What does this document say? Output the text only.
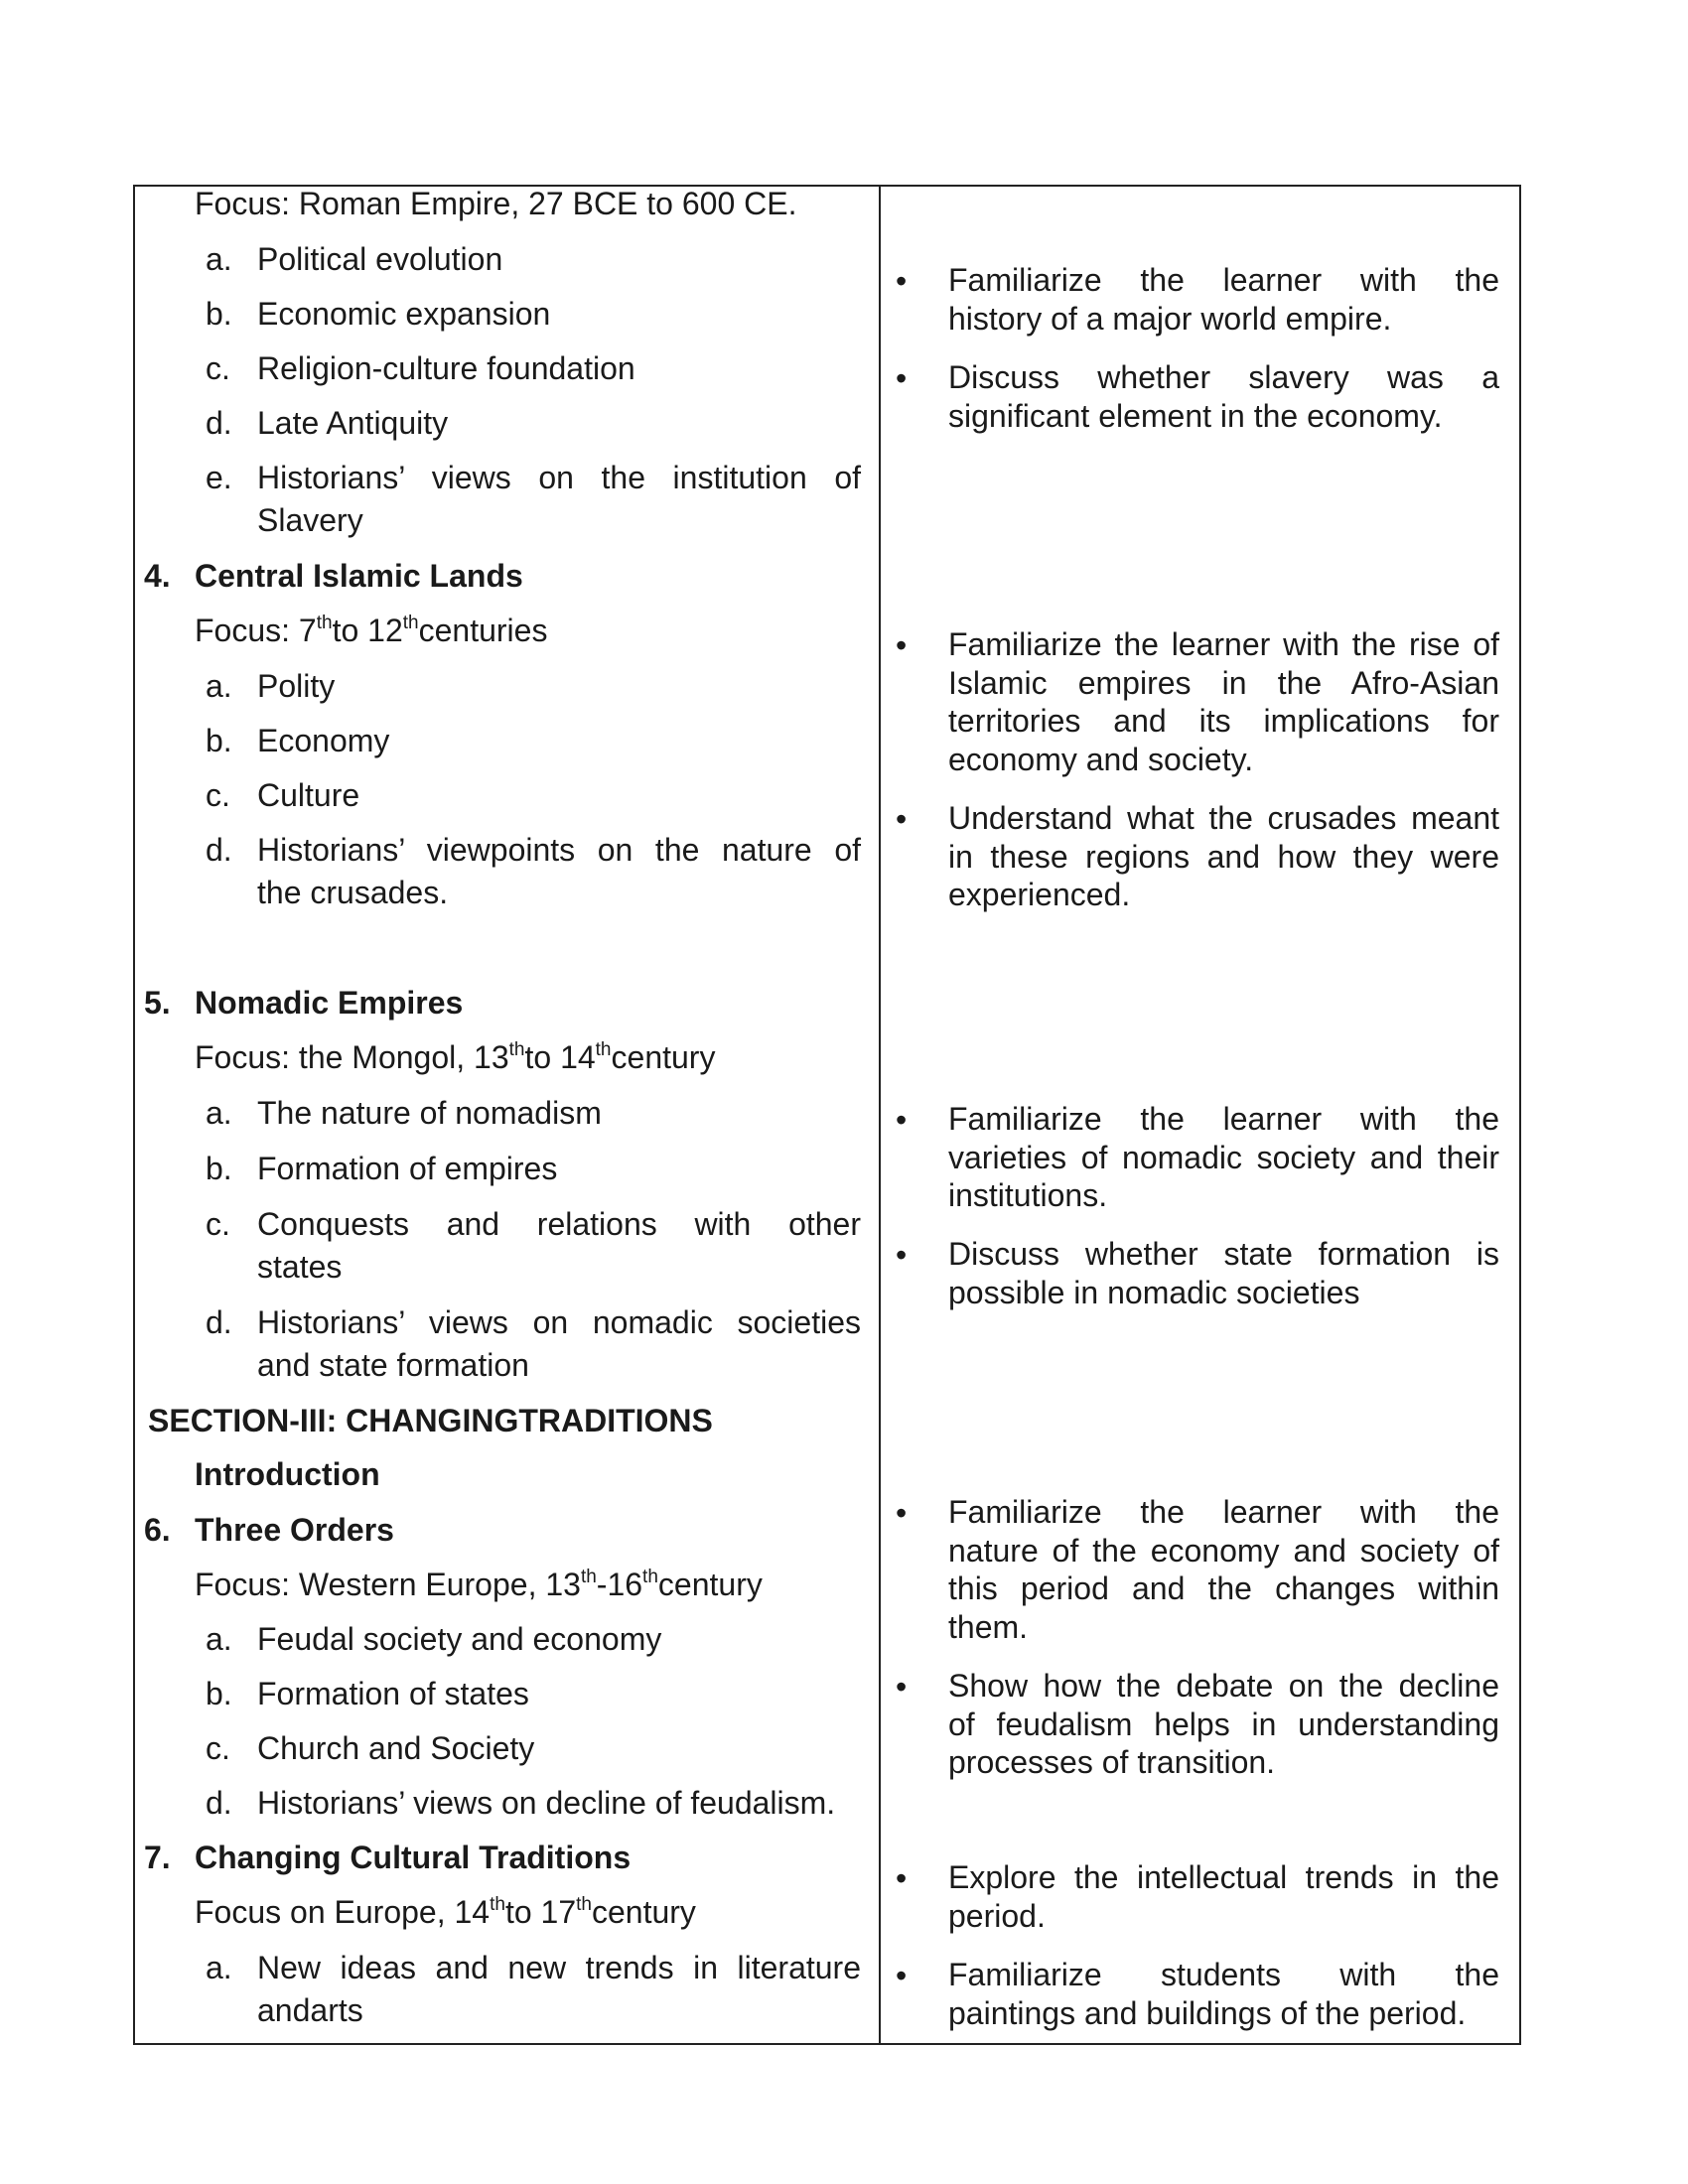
Focus: Roman Empire, 27 BCE to 600 CE.
a. Political evolution
b. Economic expansion
c. Religion-culture foundation
d. Late Antiquity
e. Historians’ views on the institution of
Slavery
4. Central Islamic Lands
Focus: 7thto 12thcenturies
a. Polity
b. Economy
c. Culture
d. Historians’ viewpoints on the nature of
the crusades.
5. Nomadic Empires
Focus: the Mongol, 13thto 14thcentury
a. The nature of nomadism
b. Formation of empires
c. Conquests and relations with other
states
d. Historians’ views on nomadic societies
and state formation
SECTION-III: CHANGINGTRADITIONS
Introduction
6. Three Orders
Focus: Western Europe, 13th-16thcentury
a. Feudal society and economy
b. Formation of states
c. Church and Society
d. Historians’ views on decline of feudalism.
7. Changing Cultural Traditions
Focus on Europe, 14thto 17thcentury
a. New ideas and new trends in literature
andarts
• Familiarize the learner with the
history of a major world empire.
• Discuss whether slavery was a
significant element in the economy.
• Familiarize the learner with the rise of
Islamic empires in the Afro-Asian
territories and its implications for
economy and society.
• Understand what the crusades meant
in these regions and how they were
experienced.
• Familiarize the learner with the
varieties of nomadic society and their
institutions.
• Discuss whether state formation is
possible in nomadic societies
• Familiarize the learner with the
nature of the economy and society of
this period and the changes within
them.
• Show how the debate on the decline
of feudalism helps in understanding
processes of transition.
• Explore the intellectual trends in the
period.
• Familiarize students with the
paintings and buildings of the period.
